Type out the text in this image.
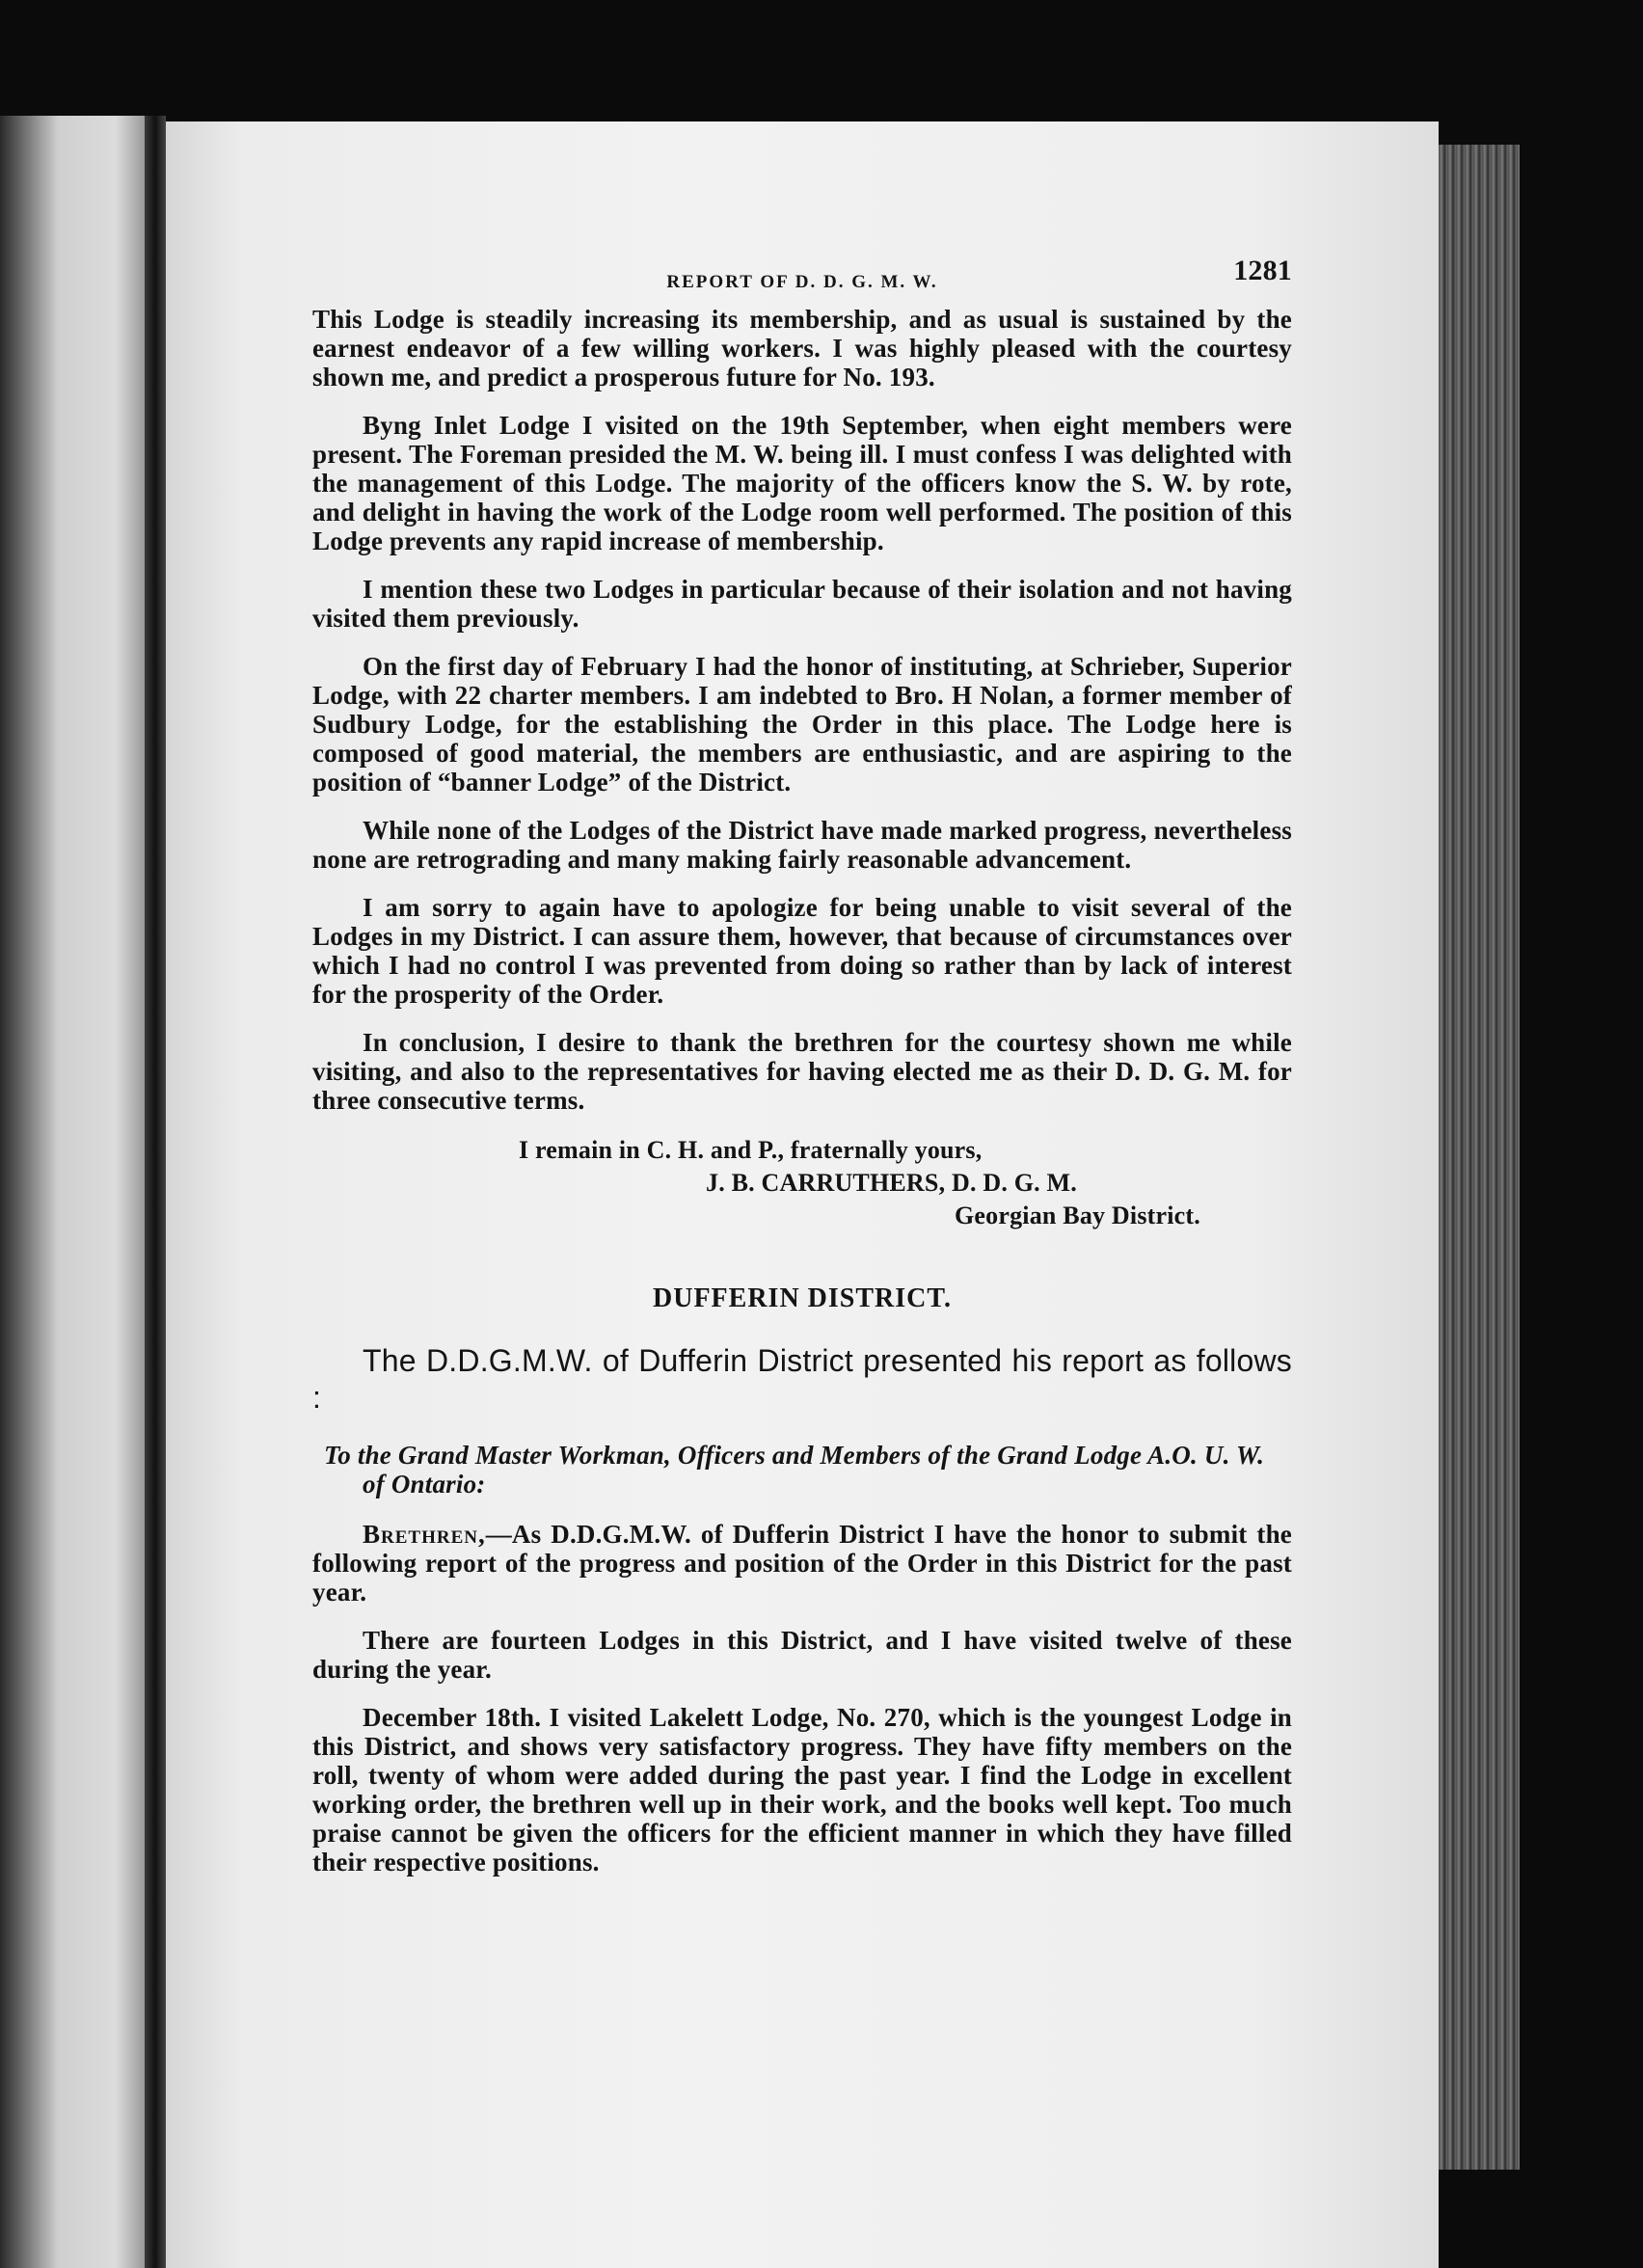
REPORT OF D. D. G. M. W.	1281

This Lodge is steadily increasing its membership, and as usual is sustained by the earnest endeavor of a few willing workers. I was highly pleased with the courtesy shown me, and predict a prosperous future for No. 193.

Byng Inlet Lodge I visited on the 19th September, when eight members were present. The Foreman presided the M. W. being ill. I must confess I was delighted with the management of this Lodge. The majority of the officers know the S. W. by rote, and delight in having the work of the Lodge room well performed. The position of this Lodge prevents any rapid increase of membership.

I mention these two Lodges in particular because of their isolation and not having visited them previously.

On the first day of February I had the honor of instituting, at Schrieber, Superior Lodge, with 22 charter members. I am indebted to Bro. H Nolan, a former member of Sudbury Lodge, for the establishing the Order in this place. The Lodge here is composed of good material, the members are enthusiastic, and are aspiring to the position of “banner Lodge” of the District.

While none of the Lodges of the District have made marked progress, nevertheless none are retrograding and many making fairly reasonable advancement.

I am sorry to again have to apologize for being unable to visit several of the Lodges in my District. I can assure them, however, that because of circumstances over which I had no control I was prevented from doing so rather than by lack of interest for the prosperity of the Order.

In conclusion, I desire to thank the brethren for the courtesy shown me while visiting, and also to the representatives for having elected me as their D. D. G. M. for three consecutive terms.

I remain in C. H. and P., fraternally yours,
J. B. CARRUTHERS, D. D. G. M.
Georgian Bay District.
DUFFERIN DISTRICT.

The D.D.G.M.W. of Dufferin District presented his report as follows :

To the Grand Master Workman, Officers and Members of the Grand Lodge A.O. U. W. of Ontario:

Brethren,—As D.D.G.M.W. of Dufferin District I have the honor to submit the following report of the progress and position of the Order in this District for the past year.

There are fourteen Lodges in this District, and I have visited twelve of these during the year.

December 18th. I visited Lakelett Lodge, No. 270, which is the youngest Lodge in this District, and shows very satisfactory progress. They have fifty members on the roll, twenty of whom were added during the past year. I find the Lodge in excellent working order, the brethren well up in their work, and the books well kept. Too much praise cannot be given the officers for the efficient manner in which they have filled their respective positions.
